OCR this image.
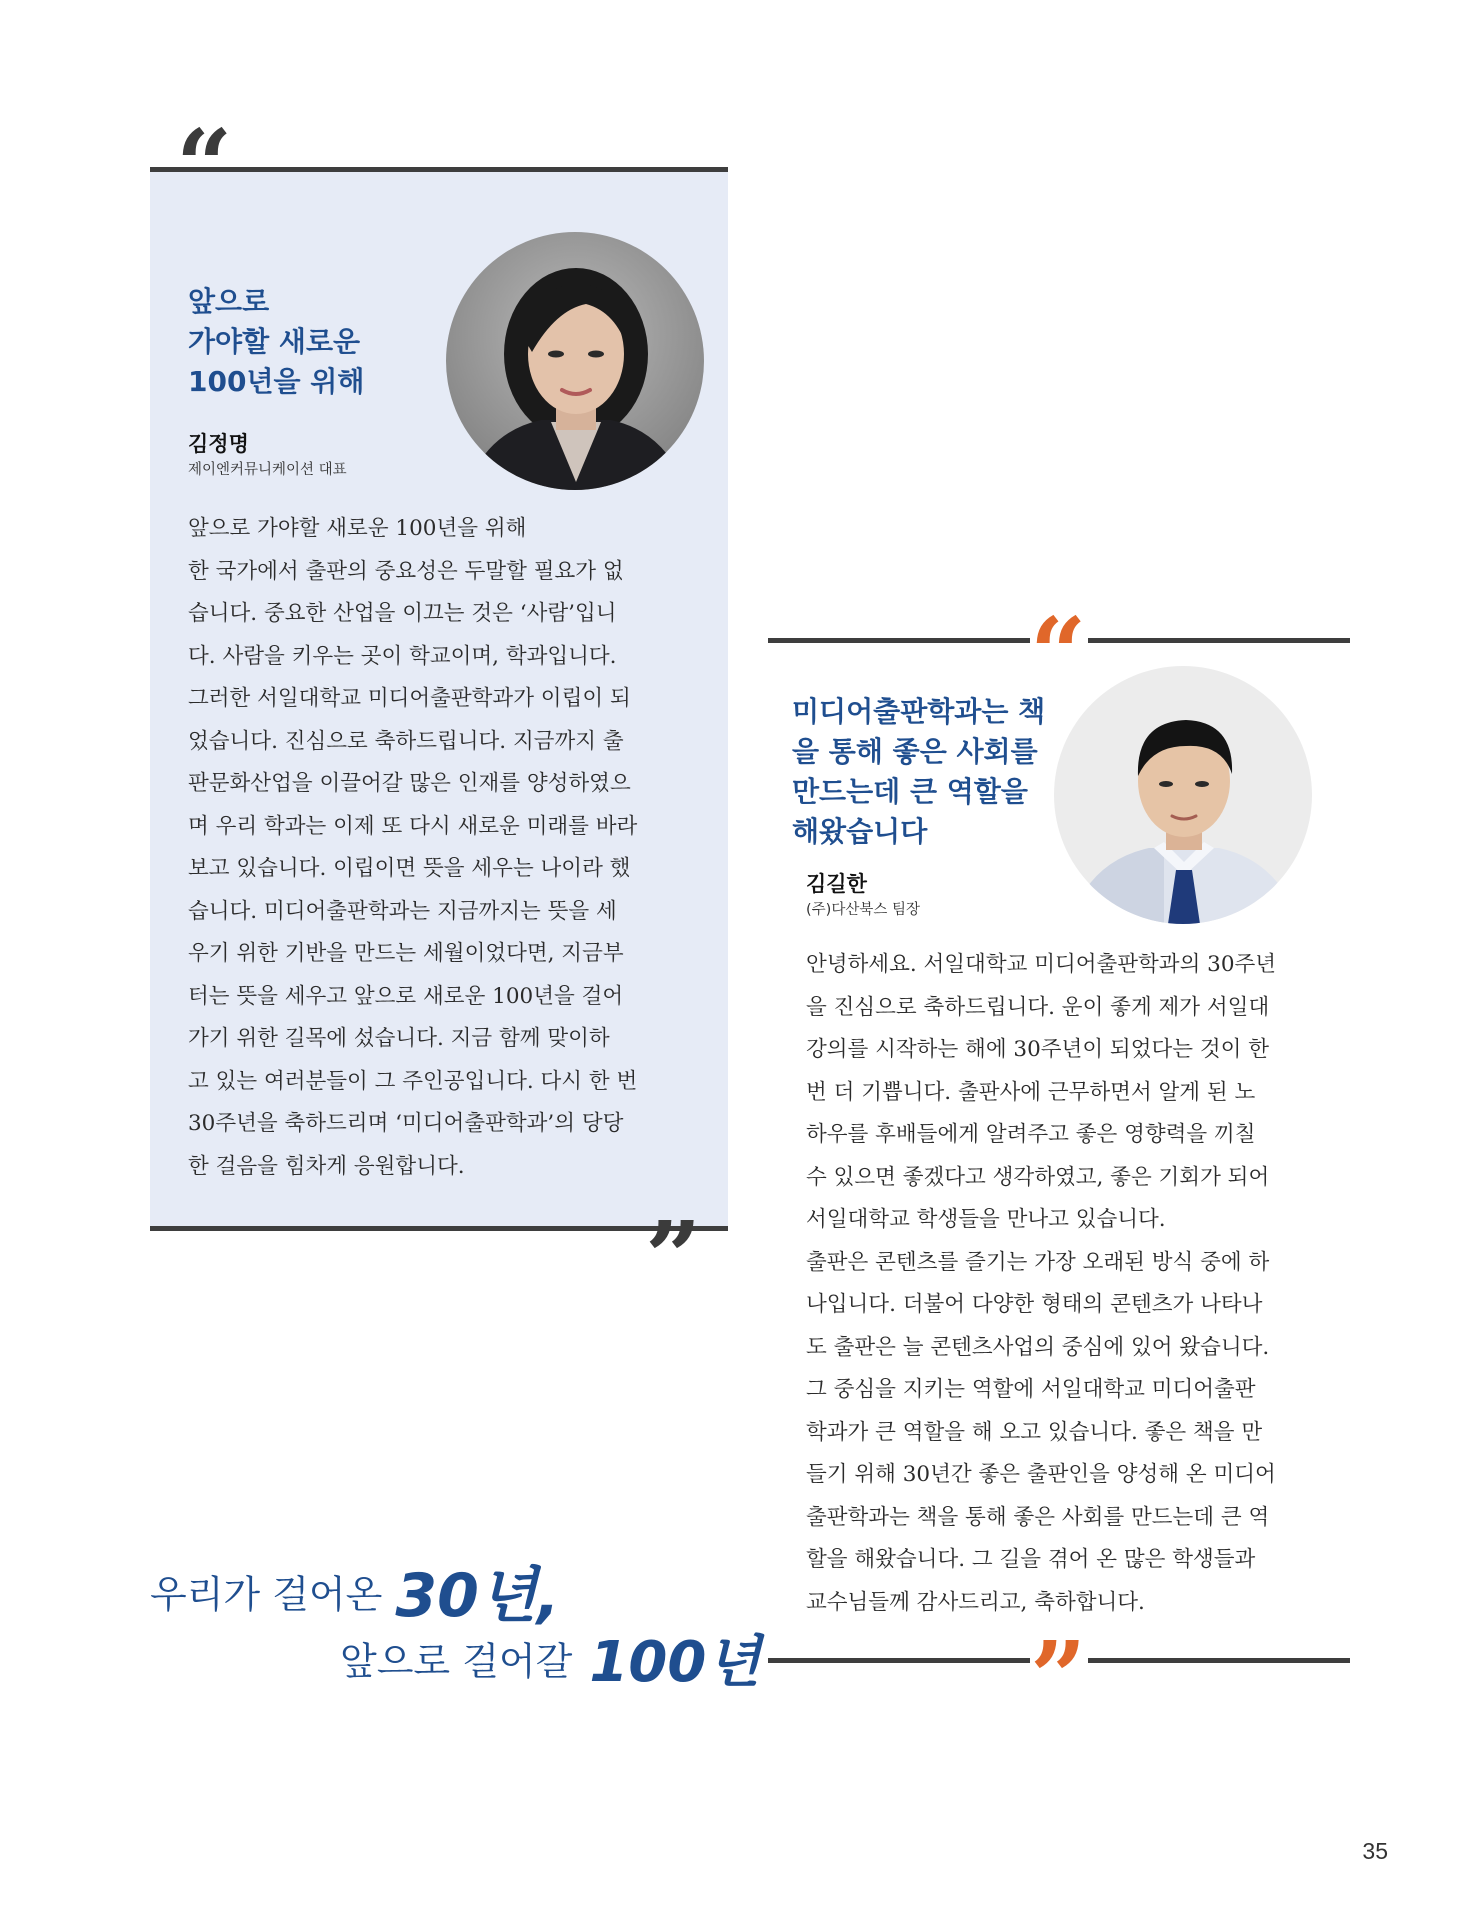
“
”
앞으로
가야할 새로운
100년을 위해
김정명
제이엔커뮤니케이션 대표
앞으로 가야할 새로운 100년을 위해
한 국가에서 출판의 중요성은 두말할 필요가 없
습니다. 중요한 산업을 이끄는 것은 ‘사람’입니
다. 사람을 키우는 곳이 학교이며, 학과입니다.
그러한 서일대학교 미디어출판학과가 이립이 되
었습니다. 진심으로 축하드립니다. 지금까지 출
판문화산업을 이끌어갈 많은 인재를 양성하였으
며 우리 학과는 이제 또 다시 새로운 미래를 바라
보고 있습니다. 이립이면 뜻을 세우는 나이라 했
습니다. 미디어출판학과는 지금까지는 뜻을 세
우기 위한 기반을 만드는 세월이었다면, 지금부
터는 뜻을 세우고 앞으로 새로운 100년을 걸어
가기 위한 길목에 섰습니다. 지금 함께 맞이하
고 있는 여러분들이 그 주인공입니다. 다시 한 번
30주년을 축하드리며 ‘미디어출판학과’의 당당
한 걸음을 힘차게 응원합니다.
“
미디어출판학과는 책
을 통해 좋은 사회를
만드는데 큰 역할을
해왔습니다
김길한
(주)다산북스 팀장
안녕하세요. 서일대학교 미디어출판학과의 30주년
을 진심으로 축하드립니다. 운이 좋게 제가 서일대
강의를 시작하는 해에 30주년이 되었다는 것이 한
번 더 기쁩니다. 출판사에 근무하면서 알게 된 노
하우를 후배들에게 알려주고 좋은 영향력을 끼칠
수 있으면 좋겠다고 생각하였고, 좋은 기회가 되어
서일대학교 학생들을 만나고 있습니다.
출판은 콘텐츠를 즐기는 가장 오래된 방식 중에 하
나입니다. 더불어 다양한 형태의 콘텐츠가 나타나
도 출판은 늘 콘텐츠사업의 중심에 있어 왔습니다.
그 중심을 지키는 역할에 서일대학교 미디어출판
학과가 큰 역할을 해 오고 있습니다. 좋은 책을 만
들기 위해 30년간 좋은 출판인을 양성해 온 미디어
출판학과는 책을 통해 좋은 사회를 만드는데 큰 역
할을 해왔습니다. 그 길을 겪어 온 많은 학생들과
교수님들께 감사드리고, 축하합니다.
”
우리가 걸어온 30년,
앞으로 걸어갈 100년
35
